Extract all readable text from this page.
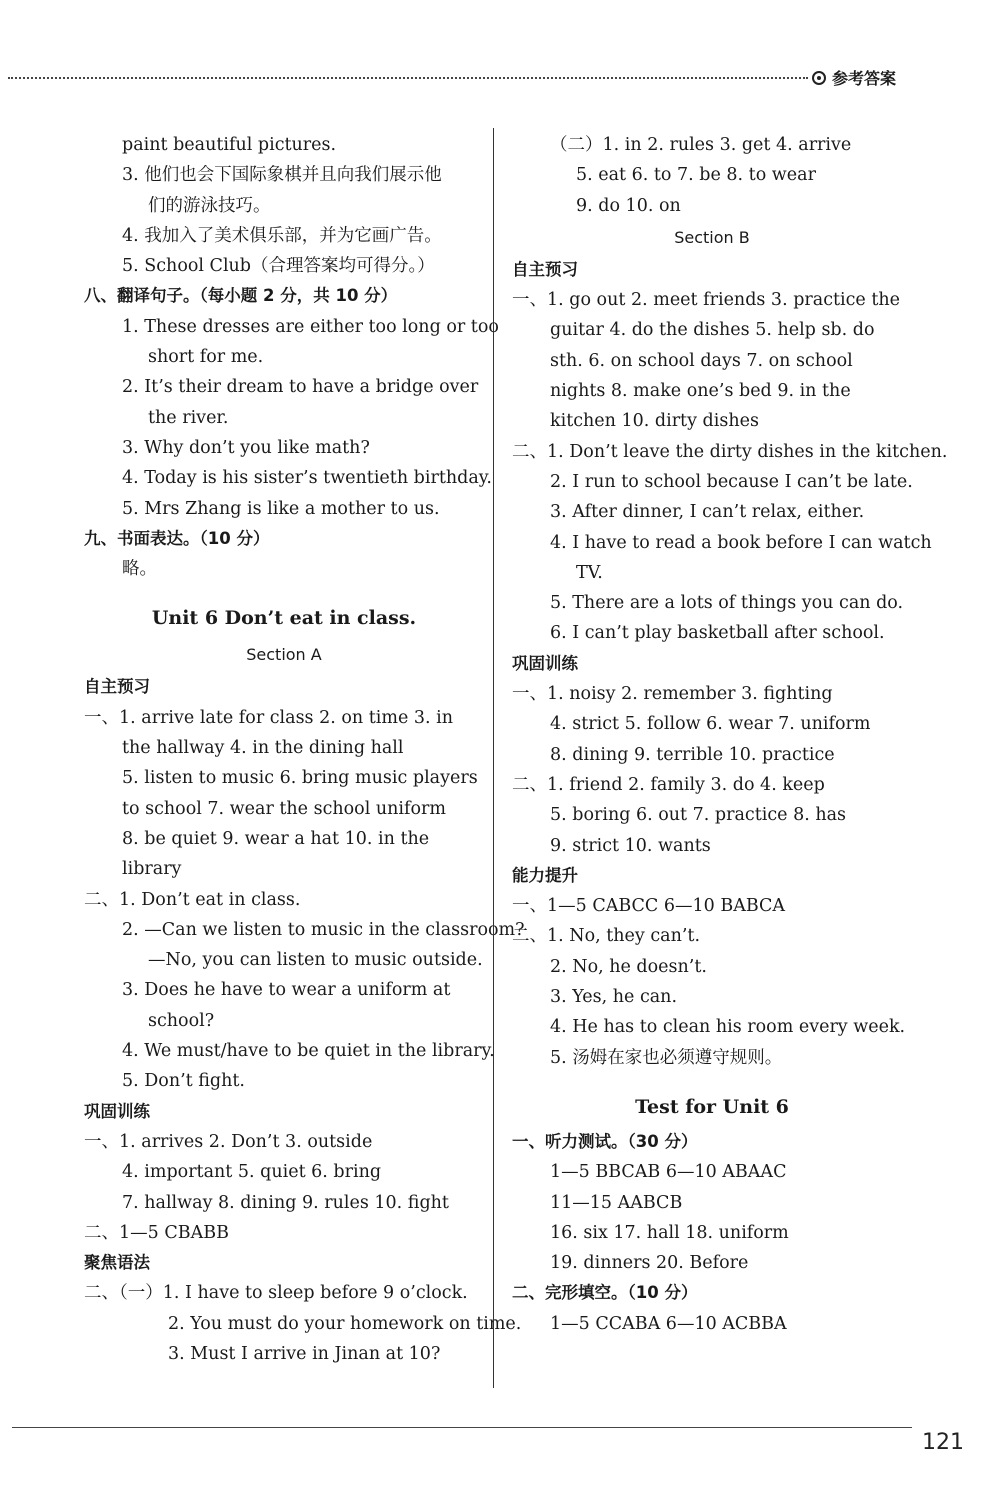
参考答案
paint beautiful pictures.
3. 他们也会下国际象棋并且向我们展示他
们的游泳技巧。
4. 我加入了美术俱乐部，并为它画广告。
5. School Club（合理答案均可得分。）
八、翻译句子。（每小题 2 分，共 10 分）
1. These dresses are either too long or too
short for me.
2. It’s their dream to have a bridge over
the river.
3. Why don’t you like math?
4. Today is his sister’s twentieth birthday.
5. Mrs Zhang is like a mother to us.
九、书面表达。（10 分）
略。
Unit 6 Don’t eat in class.
Section A
自主预习
一、1. arrive late for class 2. on time 3. in
the hallway 4. in the dining hall
5. listen to music 6. bring music players
to school 7. wear the school uniform
8. be quiet 9. wear a hat 10. in the
library
二、1. Don’t eat in class.
2. —Can we listen to music in the classroom?
—No, you can listen to music outside.
3. Does he have to wear a uniform at
school?
4. We must/have to be quiet in the library.
5. Don’t fight.
巩固训练
一、1. arrives 2. Don’t 3. outside
4. important 5. quiet 6. bring
7. hallway 8. dining 9. rules 10. fight
二、1—5 CBABB
聚焦语法
二、（一）1. I have to sleep before 9 o’clock.
2. You must do your homework on time.
3. Must I arrive in Jinan at 10?
（二）1. in 2. rules 3. get 4. arrive
5. eat 6. to 7. be 8. to wear
9. do 10. on
Section B
自主预习
一、1. go out 2. meet friends 3. practice the
guitar 4. do the dishes 5. help sb. do
sth. 6. on school days 7. on school
nights 8. make one’s bed 9. in the
kitchen 10. dirty dishes
二、1. Don’t leave the dirty dishes in the kitchen.
2. I run to school because I can’t be late.
3. After dinner, I can’t relax, either.
4. I have to read a book before I can watch
TV.
5. There are a lots of things you can do.
6. I can’t play basketball after school.
巩固训练
一、1. noisy 2. remember 3. fighting
4. strict 5. follow 6. wear 7. uniform
8. dining 9. terrible 10. practice
二、1. friend 2. family 3. do 4. keep
5. boring 6. out 7. practice 8. has
9. strict 10. wants
能力提升
一、1—5 CABCC 6—10 BABCA
二、1. No, they can’t.
2. No, he doesn’t.
3. Yes, he can.
4. He has to clean his room every week.
5. 汤姆在家也必须遵守规则。
Test for Unit 6
一、听力测试。（30 分）
1—5 BBCAB 6—10 ABAAC
11—15 AABCB
16. six 17. hall 18. uniform
19. dinners 20. Before
二、完形填空。（10 分）
1—5 CCABA 6—10 ACBBA
121
